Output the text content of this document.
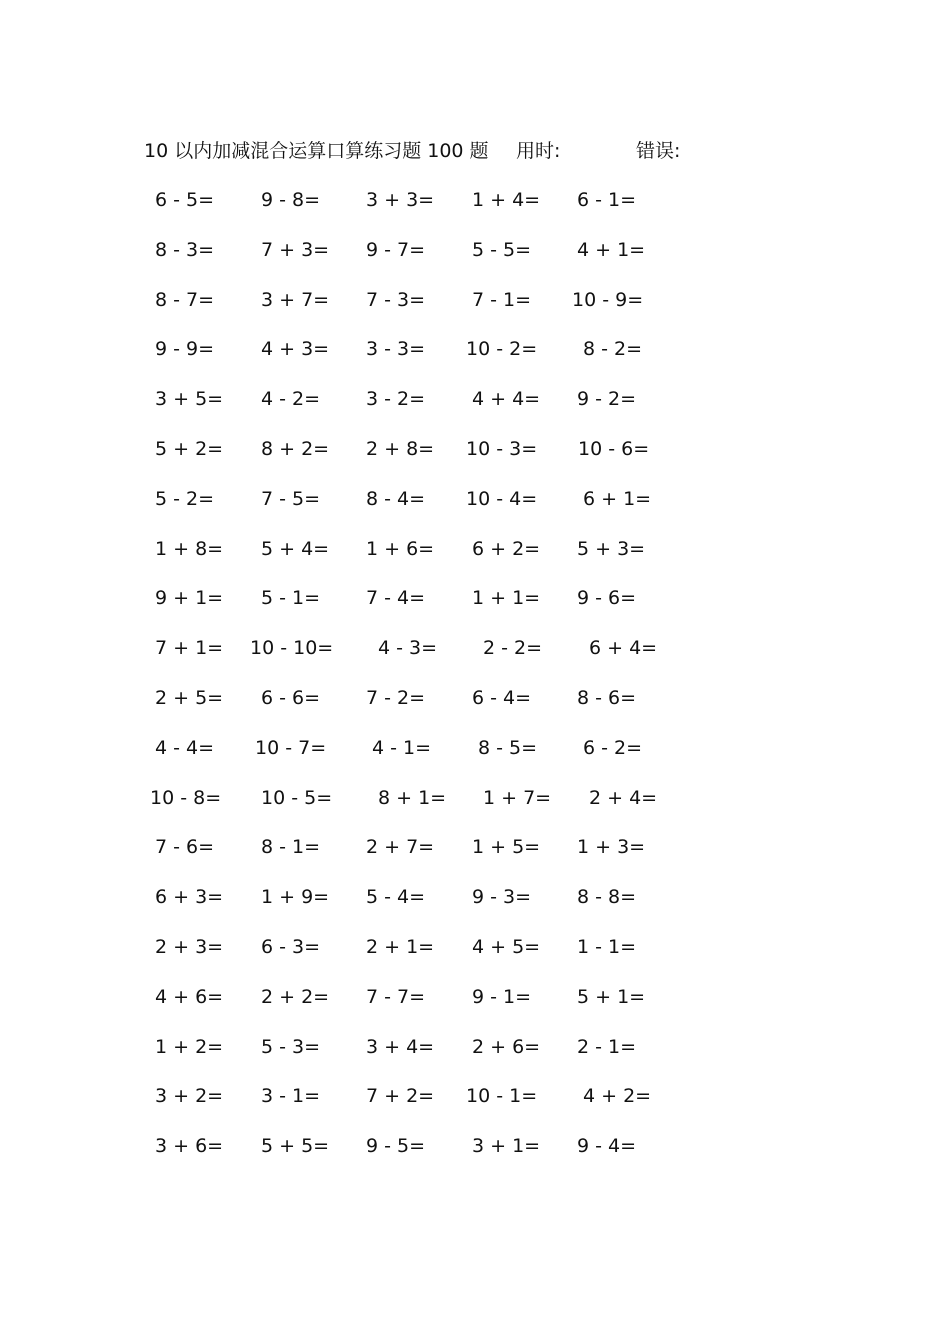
10 以内加减混合运算口算练习题 100 题 用时:	错误:
6 - 5=	9 - 8=	3 + 3=	1 + 4=	6 - 1=
8 - 3=	7 + 3=	9 - 7=	5 - 5=	4 + 1=
8 - 7=	3 + 7=	7 - 3=	7 - 1=	10 - 9=
9 - 9=	4 + 3=	3 - 3=	10 - 2=	8 - 2=
3 + 5=	4 - 2=	3 - 2=	4 + 4=	9 - 2=
5 + 2=	8 + 2=	2 + 8=	10 - 3=	10 - 6=
5 - 2=	7 - 5=	8 - 4=	10 - 4=	6 + 1=
1 + 8=	5 + 4=	1 + 6=	6 + 2=	5 + 3=
9 + 1=	5 - 1=	7 - 4=	1 + 1=	9 - 6=
7 + 1=	10 - 10=	4 - 3=	2 - 2=	6 + 4=
2 + 5=	6 - 6=	7 - 2=	6 - 4=	8 - 6=
4 - 4=	10 - 7=	4 - 1=	8 - 5=	6 - 2=
10 - 8=	10 - 5=	8 + 1=	1 + 7=	2 + 4=
7 - 6=	8 - 1=	2 + 7=	1 + 5=	1 + 3=
6 + 3=	1 + 9=	5 - 4=	9 - 3=	8 - 8=
2 + 3=	6 - 3=	2 + 1=	4 + 5=	1 - 1=
4 + 6=	2 + 2=	7 - 7=	9 - 1=	5 + 1=
1 + 2=	5 - 3=	3 + 4=	2 + 6=	2 - 1=
3 + 2=	3 - 1=	7 + 2=	10 - 1=	4 + 2=
3 + 6=	5 + 5=	9 - 5=	3 + 1=	9 - 4=
